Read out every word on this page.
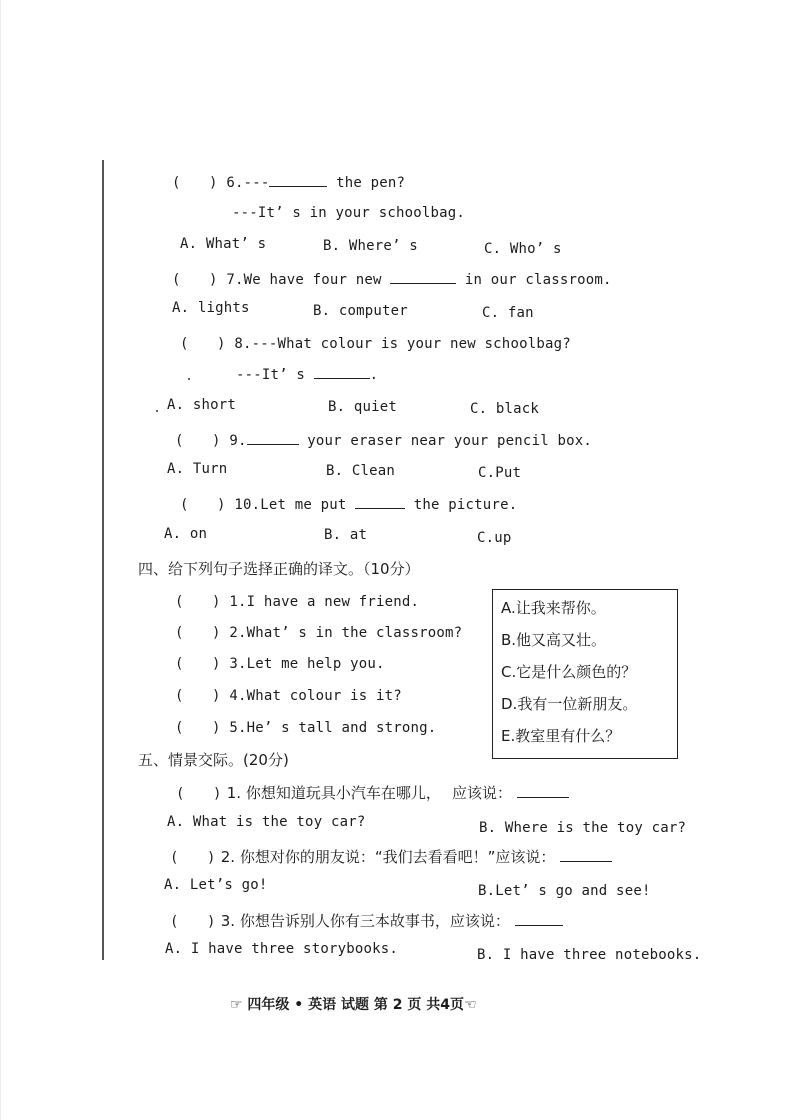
(　　) 6.---	the pen?
---It’ s in your schoolbag.
A. What’ s	B. Where’ s	C. Who’ s
(　　) 7.We have four new	in our classroom.
A. lights	B. computer	C. fan
(　　) 8.---What colour is your new schoolbag?
---It’ s	.
A. short	B. quiet	C. black
(　　) 9.	your eraser near your pencil box.
A. Turn	B. Clean	C.Put
(　　) 10.Let me put	the picture.
A. on	B. at	C.up
四、给下列句子选择正确的译文。（10分）
(　　) 1.I have a new friend.
(　　) 2.What’ s in the classroom?
(　　) 3.Let me help you.
(　　) 4.What colour is it?
(　　) 5.He’ s tall and strong.
A.让我来帮你。
B.他又高又壮。
C.它是什么颜色的？
D.我有一位新朋友。
E.教室里有什么？
五、情景交际。(20分)
(　　) 1. 你想知道玩具小汽车在哪儿， 应该说：
A. What is the toy car?	B. Where is the toy car?
(　　) 2. 你想对你的朋友说：“我们去看看吧！”应该说：
A. Let’s go!	B.Let’ s go and see!
(　　) 3. 你想告诉别人你有三本故事书，应该说：
A. I have three storybooks.	B. I have three notebooks.
☞ 四年级 • 英语 试题 第 2 页 共4页☜
